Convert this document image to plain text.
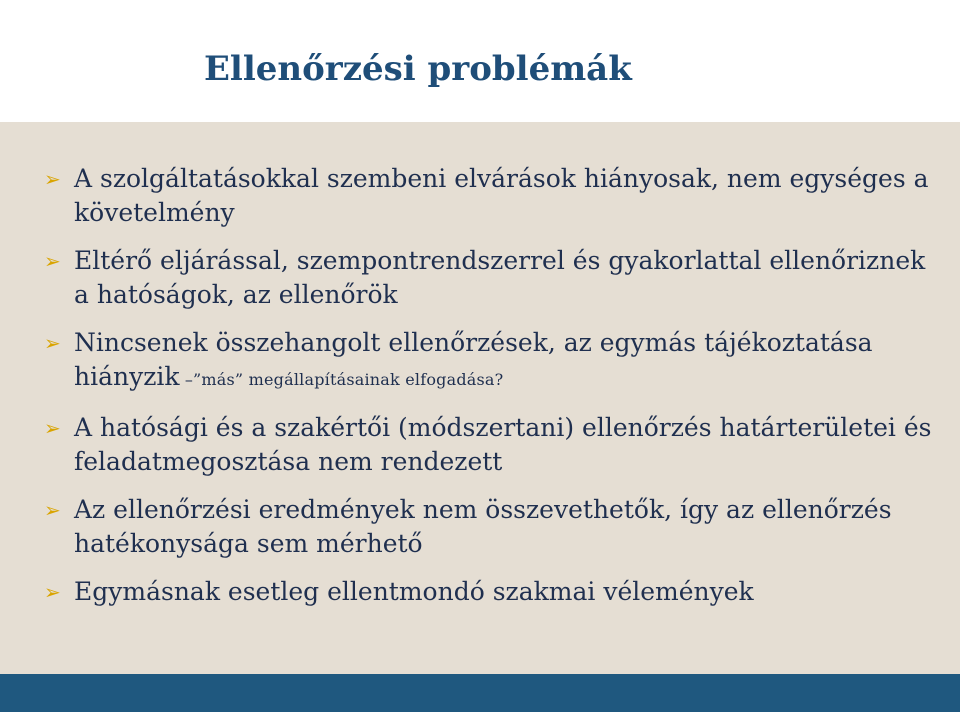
Ellenőrzési problémák
➢ A szolgáltatásokkal szembeni elvárások hiányosak, nem egységes a követelmény
➢ Eltérő eljárással, szempontrendszerrel és gyakorlattal ellenőriznek a hatóságok, az ellenőrök
➢ Nincsenek összehangolt ellenőrzések, az egymás tájékoztatása hiányzik –”más” megállapításainak elfogadása?
➢ A hatósági és a szakértői (módszertani) ellenőrzés határterületei és feladatmegosztása nem rendezett
➢ Az ellenőrzési eredmények nem összevethetők, így az ellenőrzés hatékonysága sem mérhető
➢ Egymásnak esetleg ellentmondó szakmai vélemények
